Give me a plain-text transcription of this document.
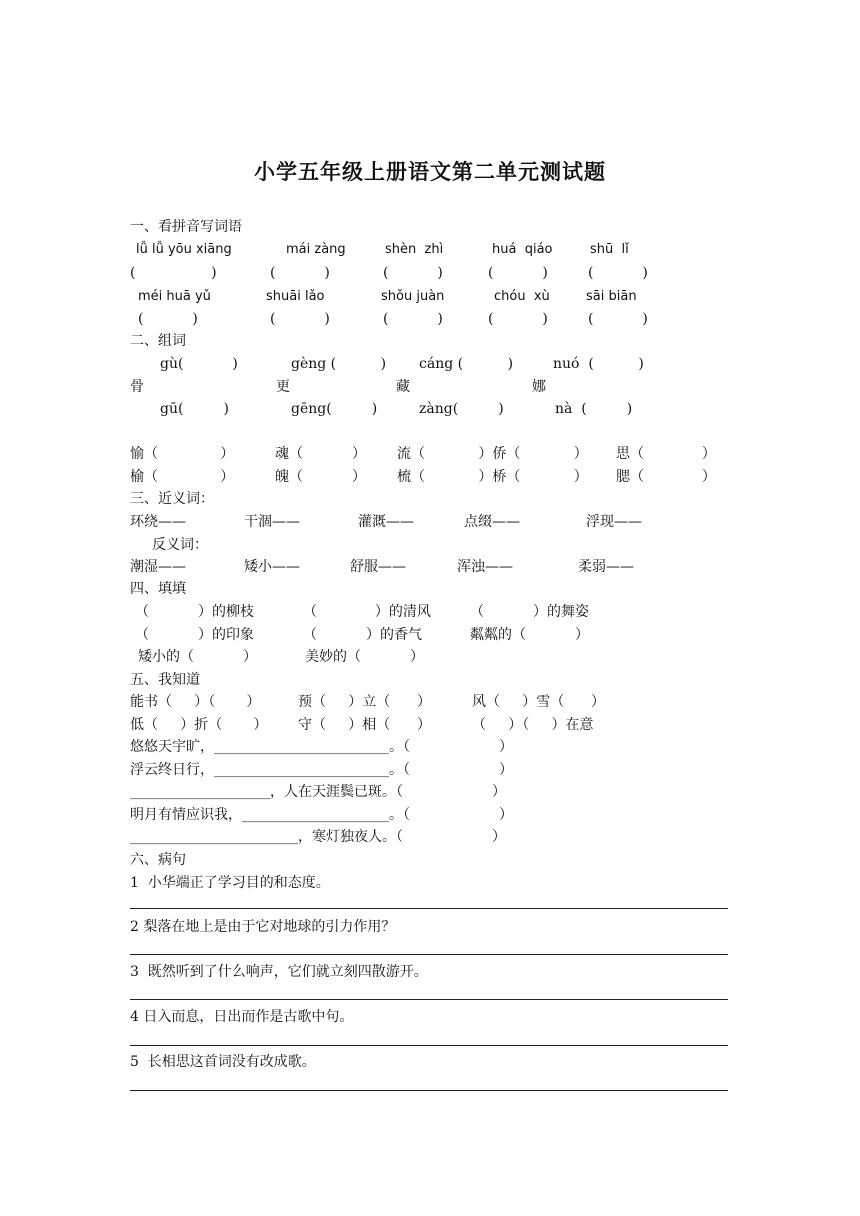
小学五年级上册语文第二单元测试题
一、看拼音写词语
lǚ lǚ yōu xiāng	mái zàng	shèn  zhì	huá  qiáo	shū  lǐ
(                 )	(           )	(           )	(           )	(           )
méi huā yǔ	shuāi lǎo	shǒu juàn	chóu  xù	sāi biān
(           )	(           )	(           )	(           )	(           )
二、组词
gù(           )	gèng (          ) cáng (          )	nuó  (          )
骨	更	藏	娜
gū(         )	gēng(         )	zàng(         )	nà  (         )
愉（              ）	魂（           ） 流（            ）侨（            ） 思（             ）
榆（              ）	魄（           ） 梳（            ）桥（            ） 腮（             ）
三、近义词：
环绕——	干涸——	灌溉——	点缀——	浮现——
反义词：
潮湿——	矮小——	舒服——	浑浊——	柔弱——
四、填填
（           ）的柳枝	（             ）的清风	（           ）的舞姿
（           ）的印象	（           ）的香气	粼粼的（           ）
矮小的（           ）	美妙的（           ）
五、我知道
能书（     ）（       ）	预（     ）立（      ）	风（     ）雪（      ）
低（     ）折（       ） 守（     ）相（      ）	（     ）（     ）在意
悠悠天宇旷，_________________________。（                    ）
浮云终日行，_________________________。（                    ）
____________________，人在天涯鬓已斑。（                    ）
明月有情应识我，_____________________。（                    ）
________________________，寒灯独夜人。（                    ）
六、病句
1  小华端正了学习目的和态度。
2 梨落在地上是由于它对地球的引力作用？
3  既然听到了什么响声，它们就立刻四散游开。
4 日入而息，日出而作是古歌中句。
5  长相思这首词没有改成歌。
